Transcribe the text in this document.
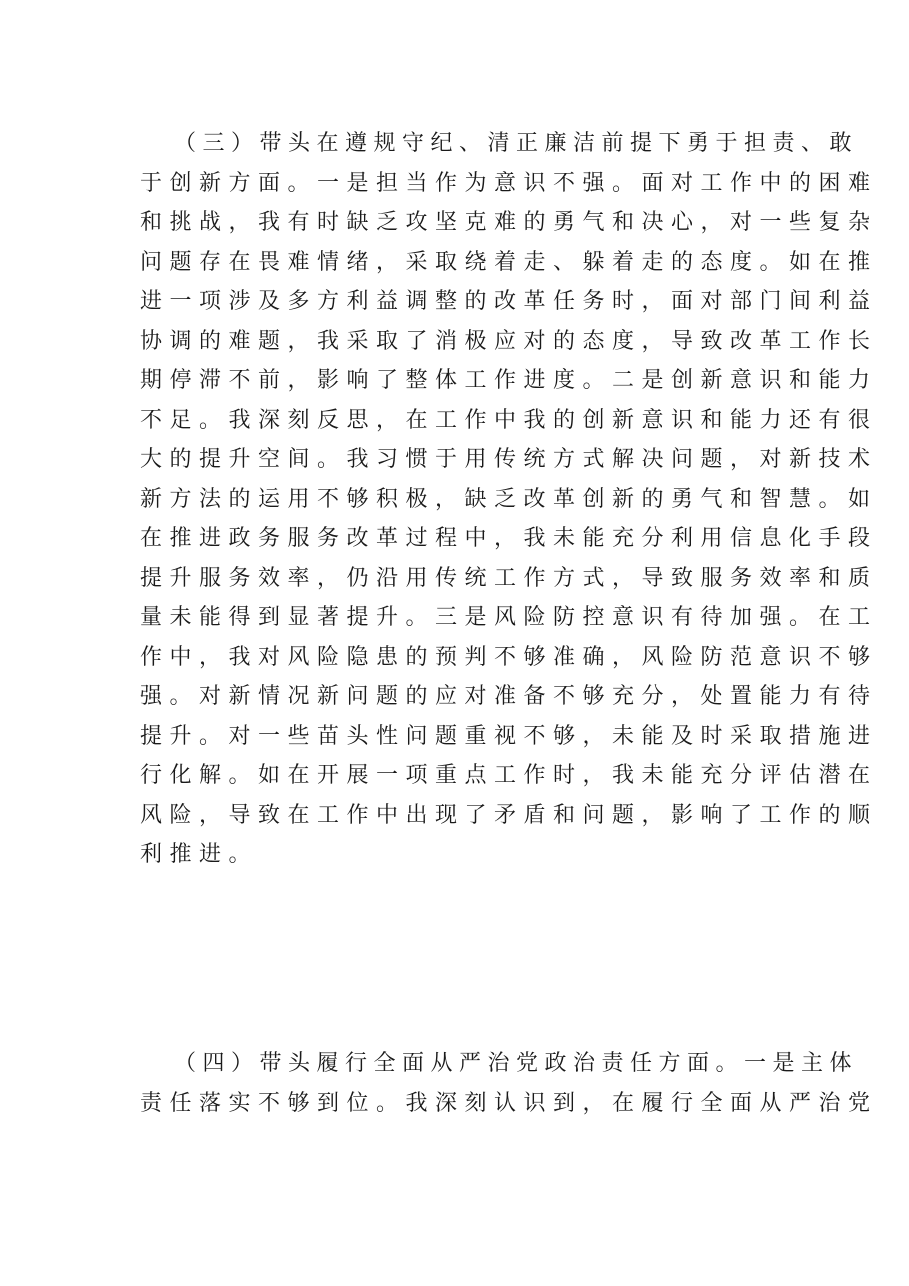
（三）带头在遵规守纪、清正廉洁前提下勇于担责、敢
于创新方面。一是担当作为意识不强。面对工作中的困难
和挑战，我有时缺乏攻坚克难的勇气和决心，对一些复杂
问题存在畏难情绪，采取绕着走、躲着走的态度。如在推
进一项涉及多方利益调整的改革任务时，面对部门间利益
协调的难题，我采取了消极应对的态度，导致改革工作长
期停滞不前，影响了整体工作进度。二是创新意识和能力
不足。我深刻反思，在工作中我的创新意识和能力还有很
大的提升空间。我习惯于用传统方式解决问题，对新技术
新方法的运用不够积极，缺乏改革创新的勇气和智慧。如
在推进政务服务改革过程中，我未能充分利用信息化手段
提升服务效率，仍沿用传统工作方式，导致服务效率和质
量未能得到显著提升。三是风险防控意识有待加强。在工
作中，我对风险隐患的预判不够准确，风险防范意识不够
强。对新情况新问题的应对准备不够充分，处置能力有待
提升。对一些苗头性问题重视不够，未能及时采取措施进
行化解。如在开展一项重点工作时，我未能充分评估潜在
风险，导致在工作中出现了矛盾和问题，影响了工作的顺
利推进。
（四）带头履行全面从严治党政治责任方面。一是主体
责任落实不够到位。我深刻认识到，在履行全面从严治党
